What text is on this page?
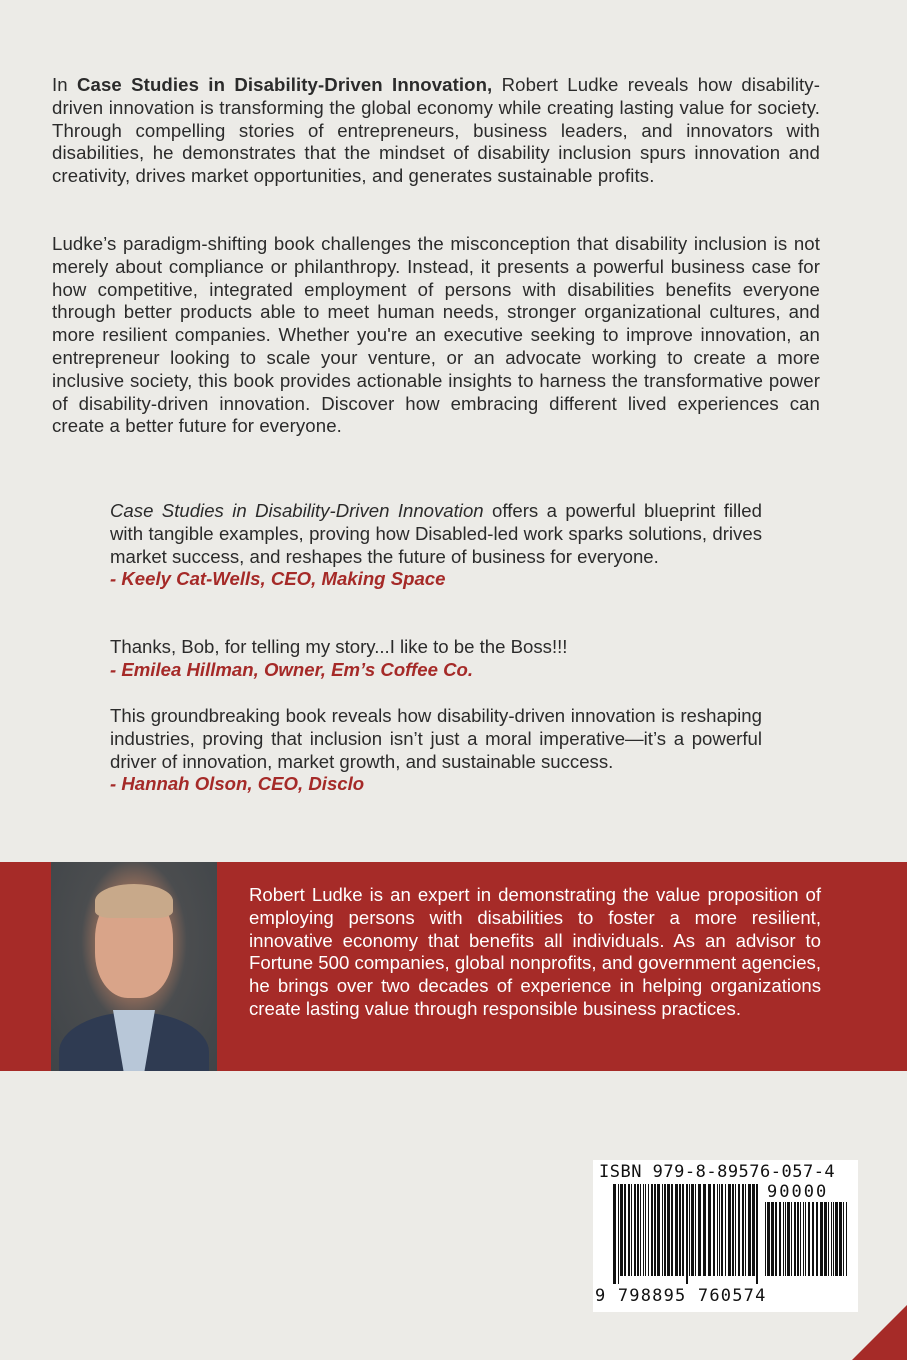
In Case Studies in Disability-Driven Innovation, Robert Ludke reveals how disability-driven innovation is transforming the global economy while creating lasting value for society. Through compelling stories of entrepreneurs, business leaders, and innovators with disabilities, he demonstrates that the mindset of disability inclusion spurs innovation and creativity, drives market opportunities, and generates sustainable profits.

Ludke’s paradigm-shifting book challenges the misconception that disability inclusion is not merely about compliance or philanthropy. Instead, it presents a powerful business case for how competitive, integrated employment of persons with disabilities benefits everyone through better products able to meet human needs, stronger organizational cultures, and more resilient companies. Whether you're an executive seeking to improve innovation, an entrepreneur looking to scale your venture, or an advocate working to create a more inclusive society, this book provides actionable insights to harness the transformative power of disability-driven innovation. Discover how embracing different lived experiences can create a better future for everyone.

Case Studies in Disability-Driven Innovation offers a powerful blueprint filled with tangible examples, proving how Disabled-led work sparks solutions, drives market success, and reshapes the future of business for everyone.
- Keely Cat-Wells, CEO, Making Space

Thanks, Bob, for telling my story...I like to be the Boss!!!
- Emilea Hillman, Owner, Em’s Coffee Co.

This groundbreaking book reveals how disability-driven innovation is reshaping industries, proving that inclusion isn’t just a moral imperative—it’s a powerful driver of innovation, market growth, and sustainable success.
- Hannah Olson, CEO, Disclo

Robert Ludke is an expert in demonstrating the value proposition of employing persons with disabilities to foster a more resilient, innovative economy that benefits all individuals. As an advisor to Fortune 500 companies, global nonprofits, and government agencies, he brings over two decades of experience in helping organizations create lasting value through responsible business practices.

ISBN 979-8-89576-057-4
90000
9 798895 760574
